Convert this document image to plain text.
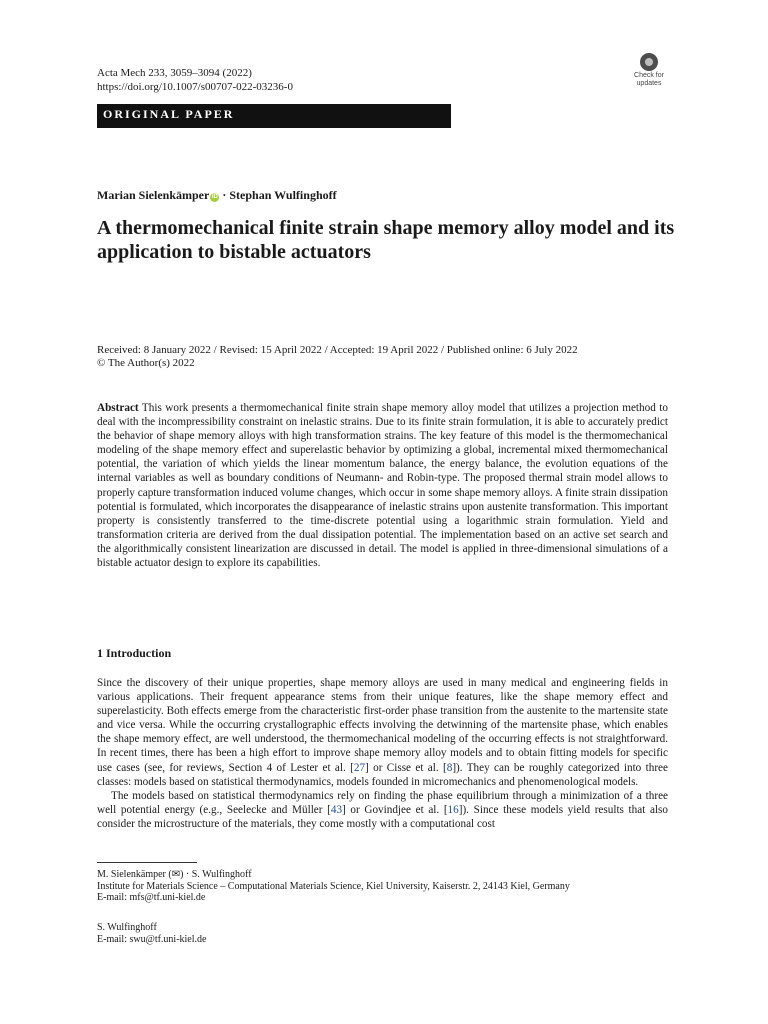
Acta Mech 233, 3059–3094 (2022)
https://doi.org/10.1007/s00707-022-03236-0
Check for
updates
ORIGINAL PAPER
Marian Sielenkämper iD · Stephan Wulfinghoff
A thermomechanical finite strain shape memory alloy model and its application to bistable actuators
Received: 8 January 2022 / Revised: 15 April 2022 / Accepted: 19 April 2022 / Published online: 6 July 2022
© The Author(s) 2022

Abstract This work presents a thermomechanical finite strain shape memory alloy model that utilizes a projection method to deal with the incompressibility constraint on inelastic strains. Due to its finite strain formulation, it is able to accurately predict the behavior of shape memory alloys with high transformation strains. The key feature of this model is the thermomechanical modeling of the shape memory effect and superelastic behavior by optimizing a global, incremental mixed thermomechanical potential, the variation of which yields the linear momentum balance, the energy balance, the evolution equations of the internal variables as well as boundary conditions of Neumann- and Robin-type. The proposed thermal strain model allows to properly capture transformation induced volume changes, which occur in some shape memory alloys. A finite strain dissipation potential is formulated, which incorporates the disappearance of inelastic strains upon austenite transformation. This important property is consistently transferred to the time-discrete potential using a logarithmic strain formulation. Yield and transformation criteria are derived from the dual dissipation potential. The implementation based on an active set search and the algorithmically consistent linearization are discussed in detail. The model is applied in three-dimensional simulations of a bistable actuator design to explore its capabilities.

1 Introduction

Since the discovery of their unique properties, shape memory alloys are used in many medical and engineering fields in various applications. Their frequent appearance stems from their unique features, like the shape memory effect and superelasticity. Both effects emerge from the characteristic first-order phase transition from the austenite to the martensite state and vice versa. While the occurring crystallographic effects involving the detwinning of the martensite phase, which enables the shape memory effect, are well understood, the thermomechanical modeling of the occurring effects is not straightforward. In recent times, there has been a high effort to improve shape memory alloy models and to obtain fitting models for specific use cases (see, for reviews, Section 4 of Lester et al. [27] or Cisse et al. [8]). They can be roughly categorized into three classes: models based on statistical thermodynamics, models founded in micromechanics and phenomenological models.

The models based on statistical thermodynamics rely on finding the phase equilibrium through a minimization of a three well potential energy (e.g., Seelecke and Müller [43] or Govindjee et al. [16]). Since these models yield results that also consider the microstructure of the materials, they come mostly with a computational cost

M. Sielenkämper (✉) · S. Wulfinghoff
Institute for Materials Science – Computational Materials Science, Kiel University, Kaiserstr. 2, 24143 Kiel, Germany
E-mail: mfs@tf.uni-kiel.de
S. Wulfinghoff
E-mail: swu@tf.uni-kiel.de
